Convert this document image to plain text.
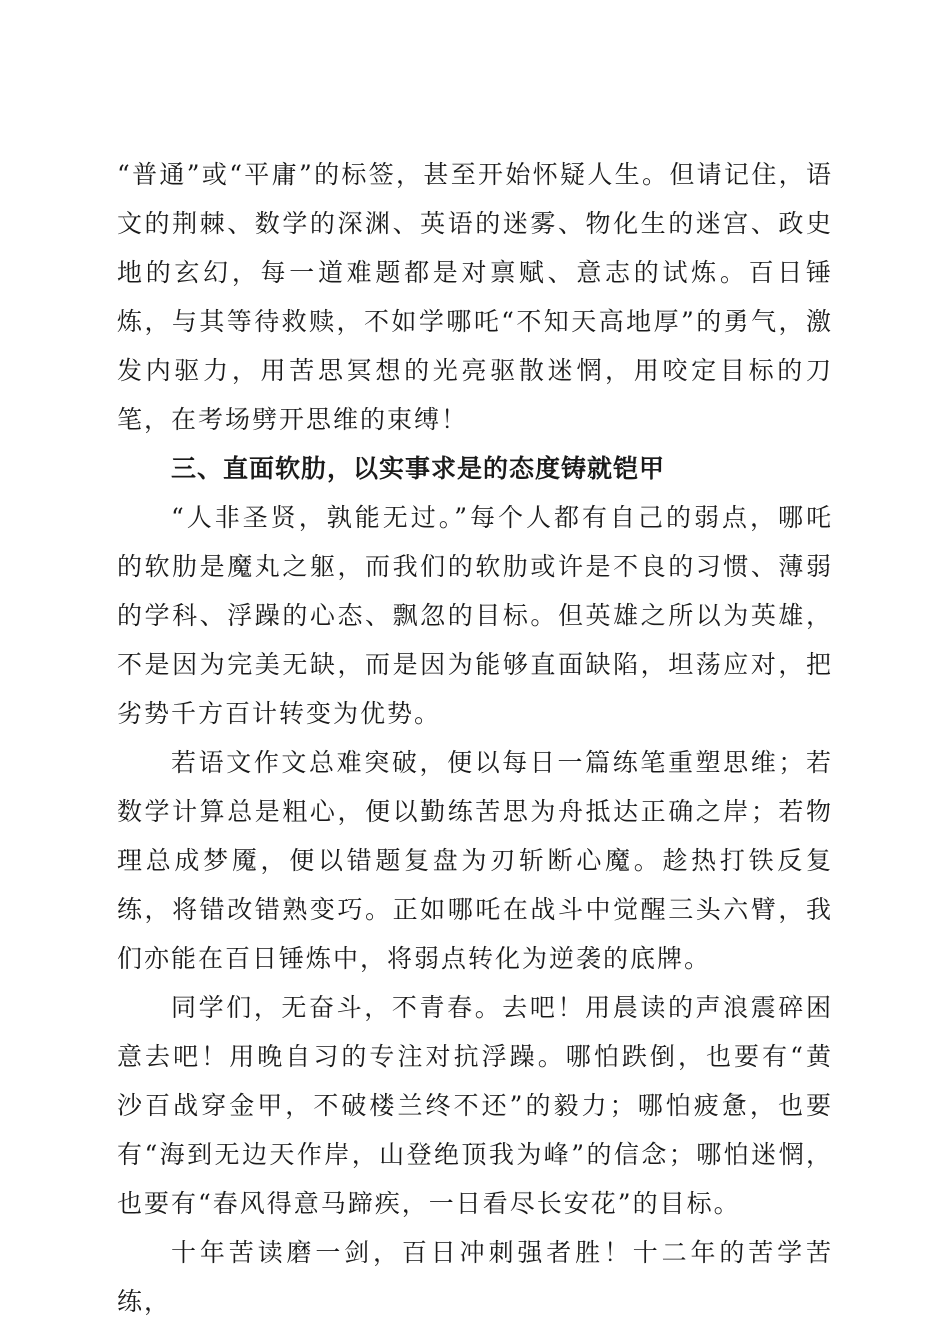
“普通”或“平庸”的标签，甚至开始怀疑人生。但请记住，语文的荆棘、数学的深渊、英语的迷雾、物化生的迷宫、政史地的玄幻，每一道难题都是对禀赋、意志的试炼。百日锤炼，与其等待救赎，不如学哪吒“不知天高地厚”的勇气，激发内驱力，用苦思冥想的光亮驱散迷惘，用咬定目标的刀笔，在考场劈开思维的束缚！

三、直面软肋，以实事求是的态度铸就铠甲

“人非圣贤，孰能无过。”每个人都有自己的弱点，哪吒的软肋是魔丸之躯，而我们的软肋或许是不良的习惯、薄弱的学科、浮躁的心态、飘忽的目标。但英雄之所以为英雄，不是因为完美无缺，而是因为能够直面缺陷，坦荡应对，把劣势千方百计转变为优势。

若语文作文总难突破，便以每日一篇练笔重塑思维；若数学计算总是粗心，便以勤练苦思为舟抵达正确之岸；若物理总成梦魇，便以错题复盘为刃斩断心魔。趁热打铁反复练，将错改错熟变巧。正如哪吒在战斗中觉醒三头六臂，我们亦能在百日锤炼中，将弱点转化为逆袭的底牌。

同学们，无奋斗，不青春。去吧！用晨读的声浪震碎困意去吧！用晚自习的专注对抗浮躁。哪怕跌倒，也要有“黄沙百战穿金甲，不破楼兰终不还”的毅力；哪怕疲惫，也要有“海到无边天作岸，山登绝顶我为峰”的信念；哪怕迷惘，也要有“春风得意马蹄疾，一日看尽长安花”的目标。

十年苦读磨一剑，百日冲刺强者胜！十二年的苦学苦练，
